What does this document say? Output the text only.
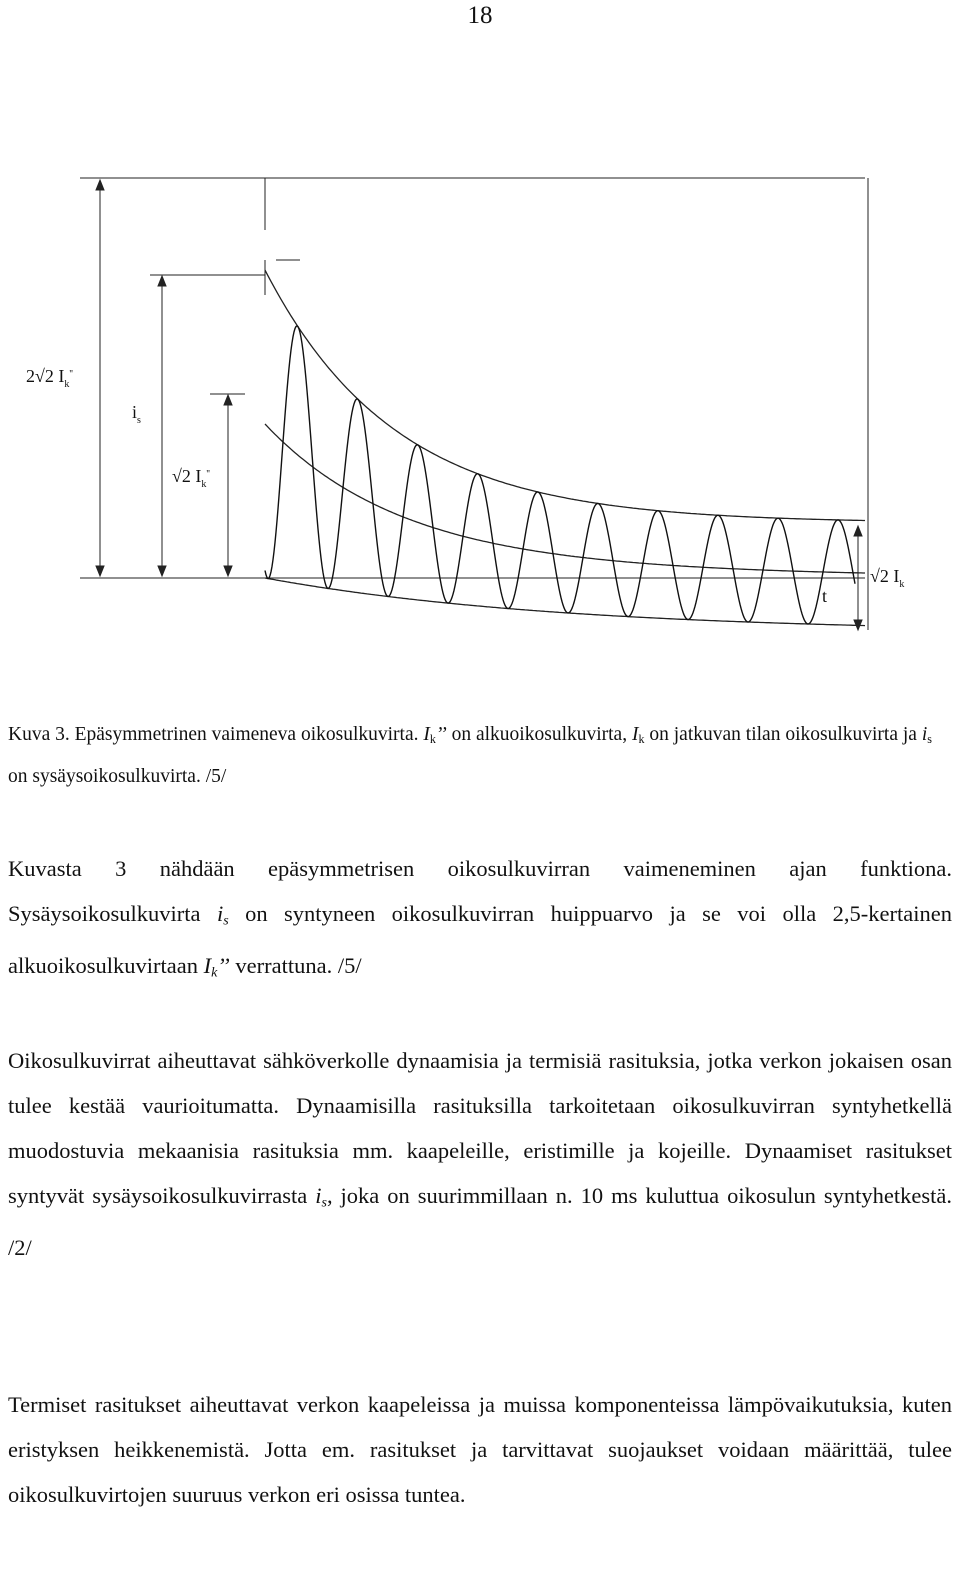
18
2√2 $I_k''$
$i_s$
√2 $I_k''$
t
√2 $I_k$
Kuva 3. Epäsymmetrinen vaimeneva oikosulkuvirta. $I_k$’’ on alkuoikosulkuvirta, $I_k$ on jatkuvan tilan oikosulkuvirta ja $i_s$ on sysäysoikosulkuvirta. /5/
Kuvasta 3 nähdään epäsymmetrisen oikosulkuvirran vaimeneminen ajan funktiona. Sysäysoikosulkuvirta $i_s$ on syntyneen oikosulkuvirran huippuarvo ja se voi olla 2,5-kertainen alkuoikosulkuvirtaan $I_k$’’ verrattuna. /5/
Oikosulkuvirrat aiheuttavat sähköverkolle dynaamisia ja termisiä rasituksia, jotka verkon jokaisen osan tulee kestää vaurioitumatta. Dynaamisilla rasituksilla tarkoitetaan oikosulkuvirran syntyhetkellä muodostuvia mekaanisia rasituksia mm. kaapeleille, eristimille ja kojeille. Dynaamiset rasitukset syntyvät sysäysoikosulkuvirrasta $i_s$, joka on suurimmillaan n. 10 ms kuluttua oikosulun syntyhetkestä. /2/
Termiset rasitukset aiheuttavat verkon kaapeleissa ja muissa komponenteissa lämpövaikutuksia, kuten eristyksen heikkenemistä. Jotta em. rasitukset ja tarvittavat suojaukset voidaan määrittää, tulee oikosulkuvirtojen suuruus verkon eri osissa tuntea.
